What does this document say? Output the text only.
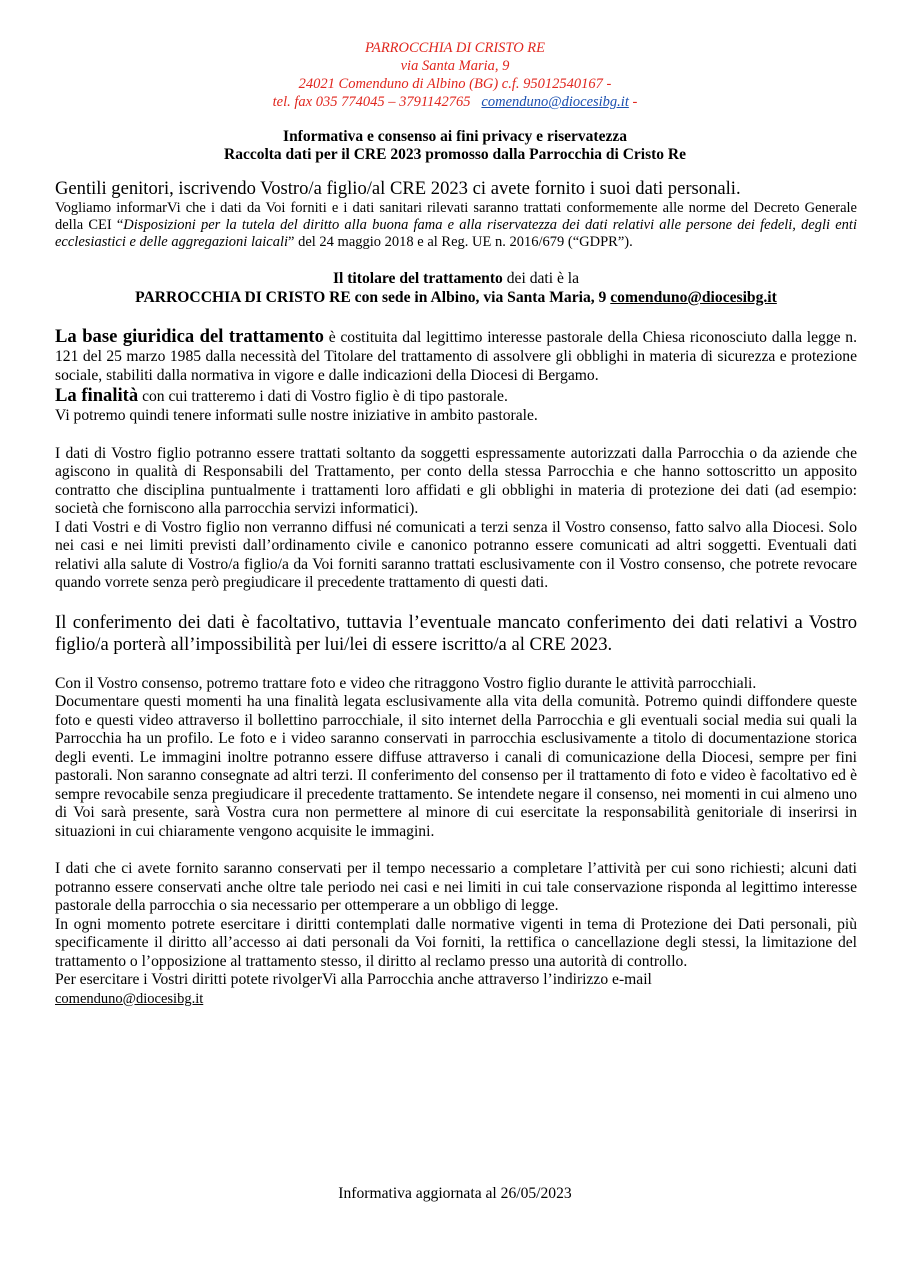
PARROCCHIA DI CRISTO RE
via Santa Maria, 9
24021 Comenduno di Albino (BG) c.f. 95012540167 -
tel. fax 035 774045 – 3791142765 comenduno@diocesibg.it -
Informativa e consenso ai fini privacy e riservatezza
Raccolta dati per il CRE 2023 promosso dalla Parrocchia di Cristo Re

Gentili genitori, iscrivendo Vostro/a figlio/al CRE 2023 ci avete fornito i suoi dati personali.

Vogliamo informarVi che i dati da Voi forniti e i dati sanitari rilevati saranno trattati conformemente alle norme del Decreto Generale della CEI “Disposizioni per la tutela del diritto alla buona fama e alla riservatezza dei dati relativi alle persone dei fedeli, degli enti ecclesiastici e delle aggregazioni laicali” del 24 maggio 2018 e al Reg. UE n. 2016/679 (“GDPR”).

Il titolare del trattamento dei dati è la

PARROCCHIA DI CRISTO RE con sede in Albino, via Santa Maria, 9 comenduno@diocesibg.it

La base giuridica del trattamento è costituita dal legittimo interesse pastorale della Chiesa riconosciuto dalla legge n. 121 del 25 marzo 1985 dalla necessità del Titolare del trattamento di assolvere gli obblighi in materia di sicurezza e protezione sociale, stabiliti dalla normativa in vigore e dalle indicazioni della Diocesi di Bergamo.

La finalità con cui tratteremo i dati di Vostro figlio è di tipo pastorale.

Vi potremo quindi tenere informati sulle nostre iniziative in ambito pastorale.

I dati di Vostro figlio potranno essere trattati soltanto da soggetti espressamente autorizzati dalla Parrocchia o da aziende che agiscono in qualità di Responsabili del Trattamento, per conto della stessa Parrocchia e che hanno sottoscritto un apposito contratto che disciplina puntualmente i trattamenti loro affidati e gli obblighi in materia di protezione dei dati (ad esempio: società che forniscono alla parrocchia servizi informatici).

I dati Vostri e di Vostro figlio non verranno diffusi né comunicati a terzi senza il Vostro consenso, fatto salvo alla Diocesi. Solo nei casi e nei limiti previsti dall’ordinamento civile e canonico potranno essere comunicati ad altri soggetti. Eventuali dati relativi alla salute di Vostro/a figlio/a da Voi forniti saranno trattati esclusivamente con il Vostro consenso, che potrete revocare quando vorrete senza però pregiudicare il precedente trattamento di questi dati.

Il conferimento dei dati è facoltativo, tuttavia l’eventuale mancato conferimento dei dati relativi a Vostro figlio/a porterà all’impossibilità per lui/lei di essere iscritto/a al CRE 2023.

Con il Vostro consenso, potremo trattare foto e video che ritraggono Vostro figlio durante le attività parrocchiali.

Documentare questi momenti ha una finalità legata esclusivamente alla vita della comunità. Potremo quindi diffondere queste foto e questi video attraverso il bollettino parrocchiale, il sito internet della Parrocchia e gli eventuali social media sui quali la Parrocchia ha un profilo. Le foto e i video saranno conservati in parrocchia esclusivamente a titolo di documentazione storica degli eventi. Le immagini inoltre potranno essere diffuse attraverso i canali di comunicazione della Diocesi, sempre per fini pastorali. Non saranno consegnate ad altri terzi. Il conferimento del consenso per il trattamento di foto e video è facoltativo ed è sempre revocabile senza pregiudicare il precedente trattamento. Se intendete negare il consenso, nei momenti in cui almeno uno di Voi sarà presente, sarà Vostra cura non permettere al minore di cui esercitate la responsabilità genitoriale di inserirsi in situazioni in cui chiaramente vengono acquisite le immagini.

I dati che ci avete fornito saranno conservati per il tempo necessario a completare l’attività per cui sono richiesti; alcuni dati potranno essere conservati anche oltre tale periodo nei casi e nei limiti in cui tale conservazione risponda al legittimo interesse pastorale della parrocchia o sia necessario per ottemperare a un obbligo di legge.

In ogni momento potrete esercitare i diritti contemplati dalle normative vigenti in tema di Protezione dei Dati personali, più specificamente il diritto all’accesso ai dati personali da Voi forniti, la rettifica o cancellazione degli stessi, la limitazione del trattamento o l’opposizione al trattamento stesso, il diritto al reclamo presso una autorità di controllo.

Per esercitare i Vostri diritti potete rivolgerVi alla Parrocchia anche attraverso l’indirizzo e-mail

comenduno@diocesibg.it

Informativa aggiornata al 26/05/2023
